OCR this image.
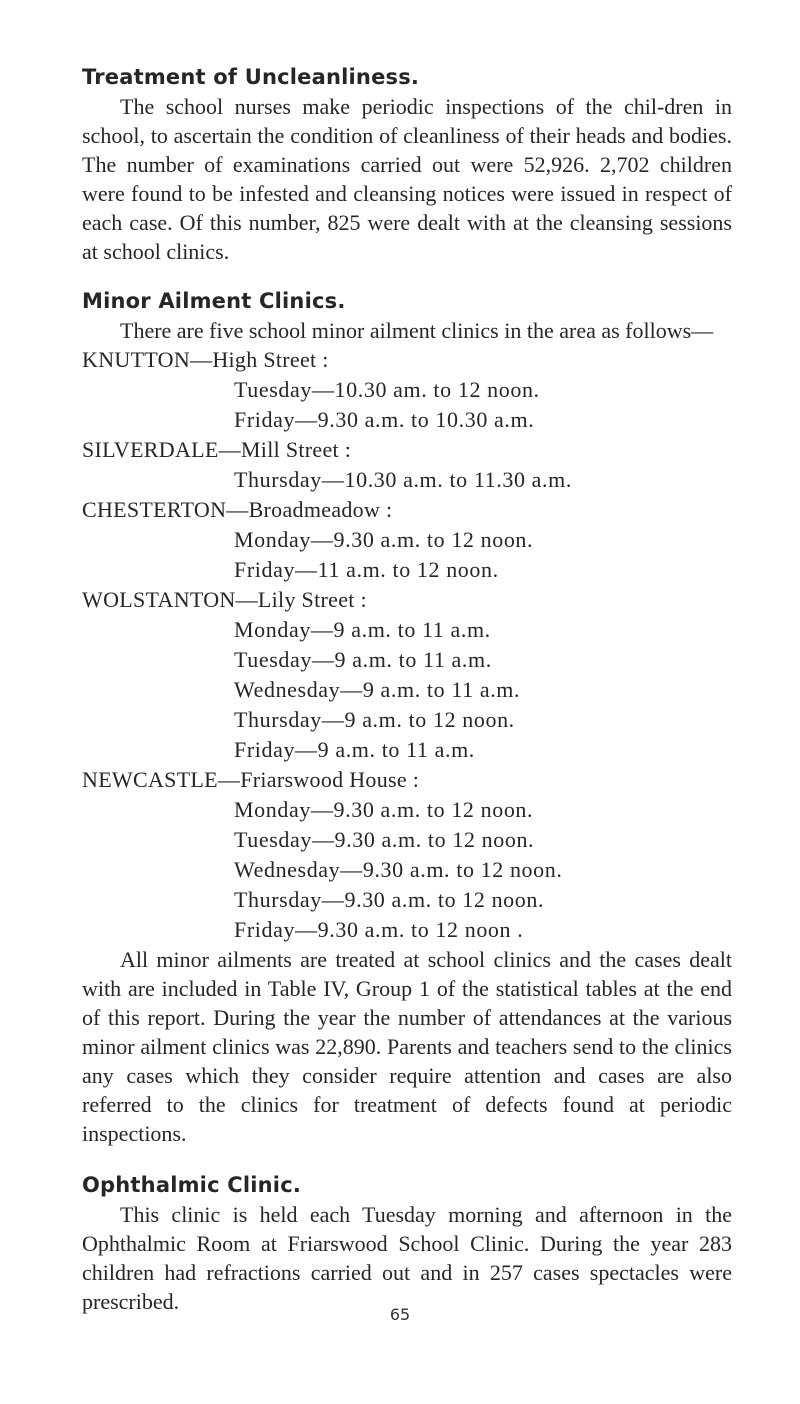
Treatment of Uncleanliness.

The school nurses make periodic inspections of the chil-dren in school, to ascertain the condition of cleanliness of their heads and bodies. The number of examinations carried out were 52,926. 2,702 children were found to be infested and cleansing notices were issued in respect of each case. Of this number, 825 were dealt with at the cleansing sessions at school clinics.

Minor Ailment Clinics.

There are five school minor ailment clinics in the area as follows—

KNUTTON—High Street :

Tuesday—10.30 am. to 12 noon.

Friday—9.30 a.m. to 10.30 a.m.

SILVERDALE—Mill Street :

Thursday—10.30 a.m. to 11.30 a.m.

CHESTERTON—Broadmeadow :

Monday—9.30 a.m. to 12 noon.

Friday—11 a.m. to 12 noon.

WOLSTANTON—Lily Street :

Monday—9 a.m. to 11 a.m.

Tuesday—9 a.m. to 11 a.m.

Wednesday—9 a.m. to 11 a.m.

Thursday—9 a.m. to 12 noon.

Friday—9 a.m. to 11 a.m.

NEWCASTLE—Friarswood House :

Monday—9.30 a.m. to 12 noon.

Tuesday—9.30 a.m. to 12 noon.

Wednesday—9.30 a.m. to 12 noon.

Thursday—9.30 a.m. to 12 noon.

Friday—9.30 a.m. to 12 noon .

All minor ailments are treated at school clinics and the cases dealt with are included in Table IV, Group 1 of the statistical tables at the end of this report. During the year the number of attendances at the various minor ailment clinics was 22,890. Parents and teachers send to the clinics any cases which they consider require attention and cases are also referred to the clinics for treatment of defects found at periodic inspections.

Ophthalmic Clinic.

This clinic is held each Tuesday morning and afternoon in the Ophthalmic Room at Friarswood School Clinic. During the year 283 children had refractions carried out and in 257 cases spectacles were prescribed.

65
